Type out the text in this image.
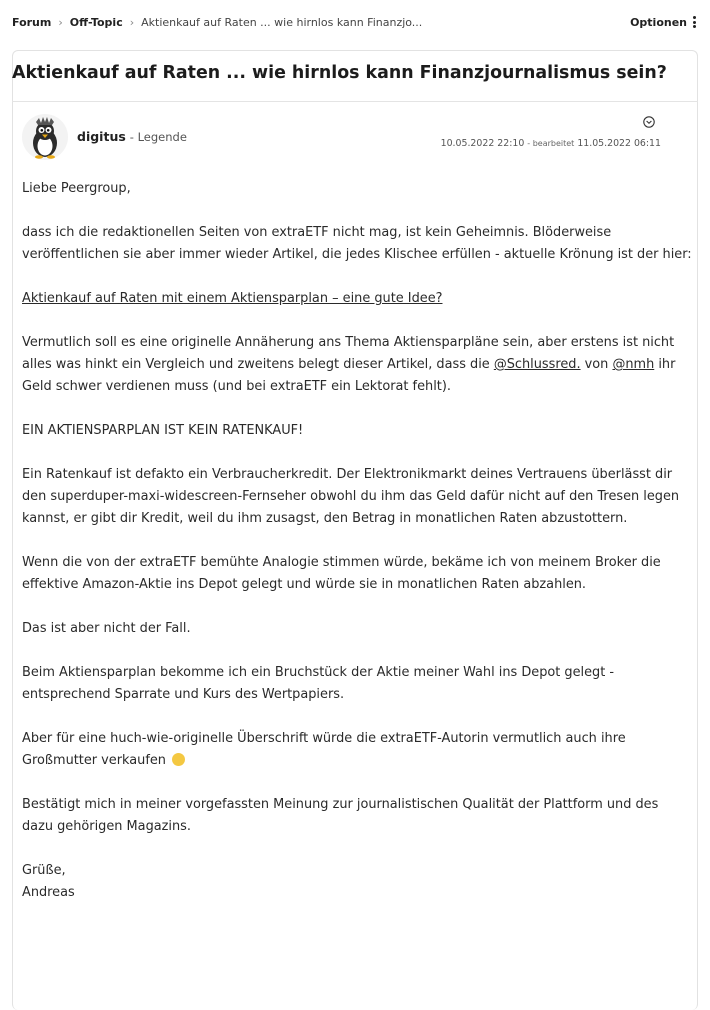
Forum › Off-Topic › Aktienkauf auf Raten ... wie hirnlos kann Finanzjo...	Optionen
Aktienkauf auf Raten ... wie hirnlos kann Finanzjournalismus sein?
digitus - Legende	10.05.2022 22:10 - bearbeitet 11.05.2022 06:11

Liebe Peergroup,

dass ich die redaktionellen Seiten von extraETF nicht mag, ist kein Geheimnis. Blöderweise veröffentlichen sie aber immer wieder Artikel, die jedes Klischee erfüllen - aktuelle Krönung ist der hier:

Aktienkauf auf Raten mit einem Aktiensparplan – eine gute Idee?

Vermutlich soll es eine originelle Annäherung ans Thema Aktiensparpläne sein, aber erstens ist nicht alles was hinkt ein Vergleich und zweitens belegt dieser Artikel, dass die @Schlussred. von @nmh ihr Geld schwer verdienen muss (und bei extraETF ein Lektorat fehlt).

EIN AKTIENSPARPLAN IST KEIN RATENKAUF!

Ein Ratenkauf ist defakto ein Verbraucherkredit. Der Elektronikmarkt deines Vertrauens überlässt dir den superduper-maxi-widescreen-Fernseher obwohl du ihm das Geld dafür nicht auf den Tresen legen kannst, er gibt dir Kredit, weil du ihm zusagst, den Betrag in monatlichen Raten abzustottern.

Wenn die von der extraETF bemühte Analogie stimmen würde, bekäme ich von meinem Broker die effektive Amazon-Aktie ins Depot gelegt und würde sie in monatlichen Raten abzahlen.

Das ist aber nicht der Fall.

Beim Aktiensparplan bekomme ich ein Bruchstück der Aktie meiner Wahl ins Depot gelegt - entsprechend Sparrate und Kurs des Wertpapiers.

Aber für eine huch-wie-originelle Überschrift würde die extraETF-Autorin vermutlich auch ihre Großmutter verkaufen

Bestätigt mich in meiner vorgefassten Meinung zur journalistischen Qualität der Plattform und des dazu gehörigen Magazins.

Grüße,
Andreas
